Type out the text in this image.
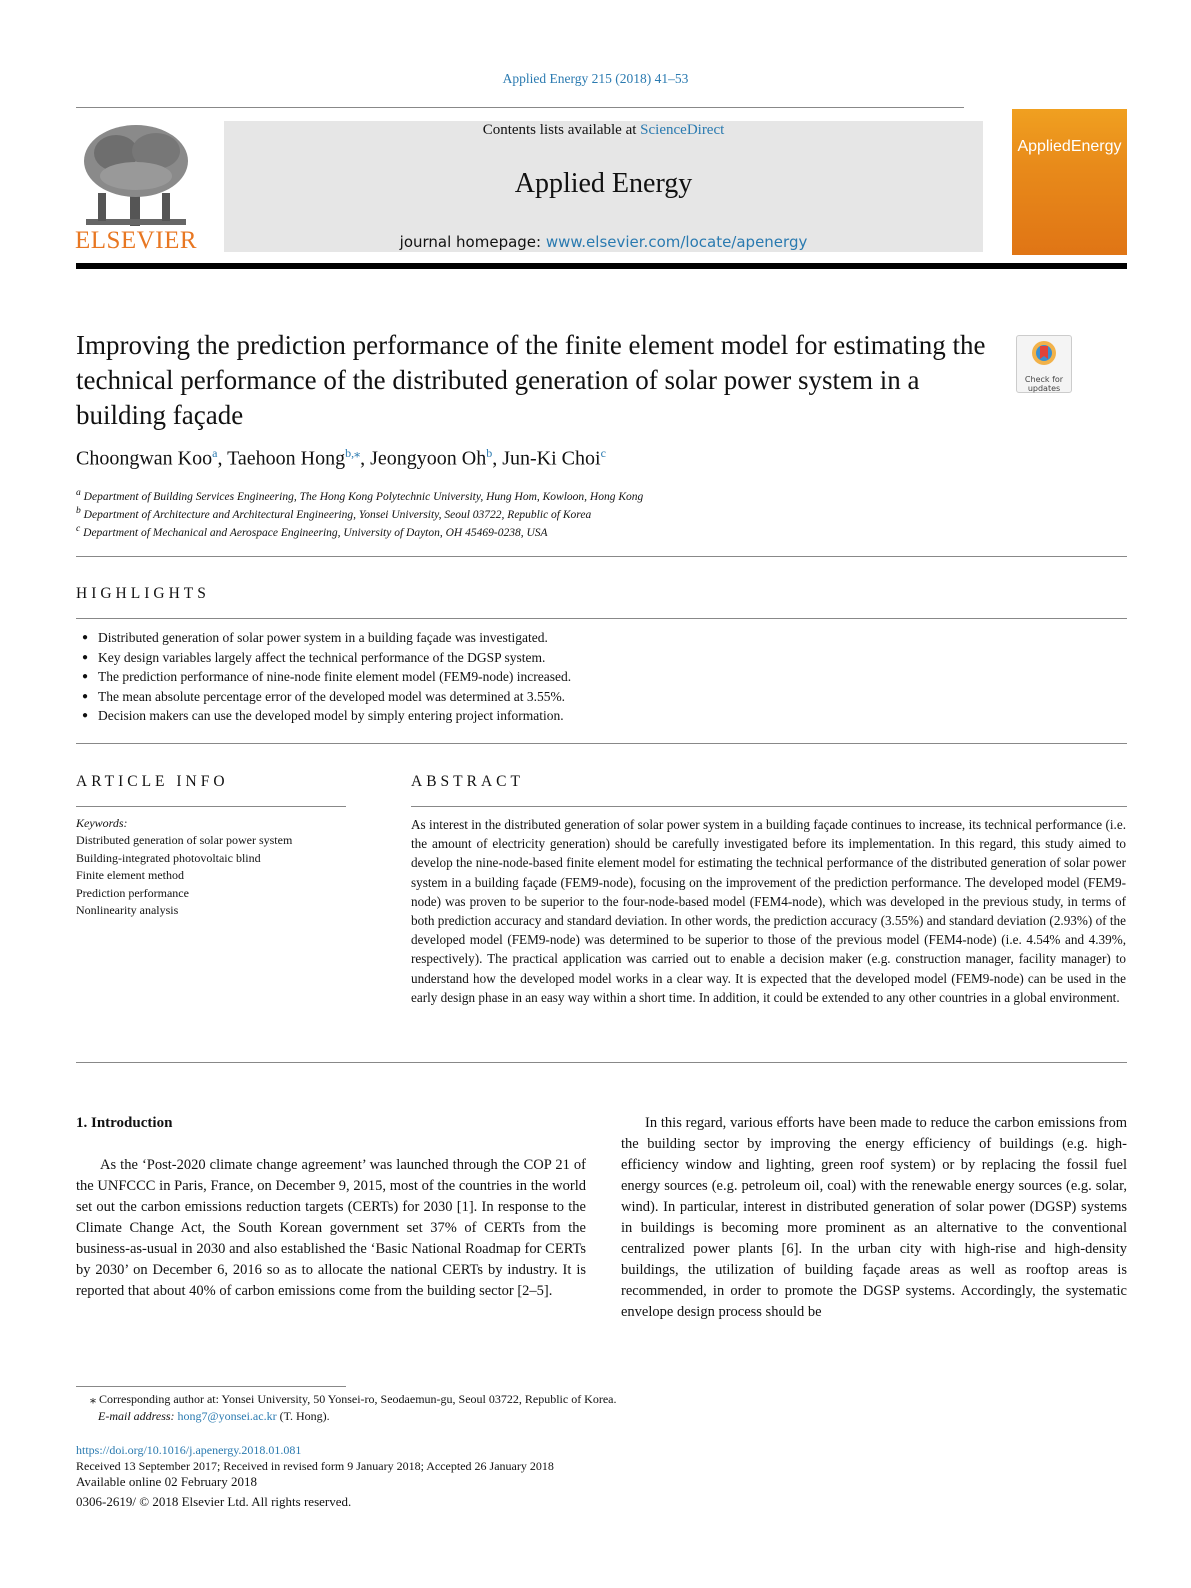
Applied Energy 215 (2018) 41–53
ELSEVIER
Contents lists available at ScienceDirect
Applied Energy
journal homepage: www.elsevier.com/locate/apenergy
AppliedEnergy
Improving the prediction performance of the finite element model for estimating the technical performance of the distributed generation of solar power system in a building façade
Check for updates
Choongwan Koo$^a$, Taehoon Hong$^{b,⁎}$, Jeongyoon Oh$^b$, Jun-Ki Choi$^c$
$^a$ Department of Building Services Engineering, The Hong Kong Polytechnic University, Hung Hom, Kowloon, Hong Kong
$^b$ Department of Architecture and Architectural Engineering, Yonsei University, Seoul 03722, Republic of Korea
$^c$ Department of Mechanical and Aerospace Engineering, University of Dayton, OH 45469-0238, USA
HIGHLIGHTS
● Distributed generation of solar power system in a building façade was investigated.
● Key design variables largely affect the technical performance of the DGSP system.
● The prediction performance of nine-node finite element model (FEM9-node) increased.
● The mean absolute percentage error of the developed model was determined at 3.55%.
● Decision makers can use the developed model by simply entering project information.
ARTICLE INFO	ABSTRACT
Keywords:
Distributed generation of solar power system
Building-integrated photovoltaic blind
Finite element method
Prediction performance
Nonlinearity analysis
As interest in the distributed generation of solar power system in a building façade continues to increase, its technical performance (i.e. the amount of electricity generation) should be carefully investigated before its implementation. In this regard, this study aimed to develop the nine-node-based finite element model for estimating the technical performance of the distributed generation of solar power system in a building façade (FEM9-node), focusing on the improvement of the prediction performance. The developed model (FEM9-node) was proven to be superior to the four-node-based model (FEM4-node), which was developed in the previous study, in terms of both prediction accuracy and standard deviation. In other words, the prediction accuracy (3.55%) and standard deviation (2.93%) of the developed model (FEM9-node) was determined to be superior to those of the previous model (FEM4-node) (i.e. 4.54% and 4.39%, respectively). The practical application was carried out to enable a decision maker (e.g. construction manager, facility manager) to understand how the developed model works in a clear way. It is expected that the developed model (FEM9-node) can be used in the early design phase in an easy way within a short time. In addition, it could be extended to any other countries in a global environment.
1. Introduction
As the ‘Post-2020 climate change agreement’ was launched through the COP 21 of the UNFCCC in Paris, France, on December 9, 2015, most of the countries in the world set out the carbon emissions reduction targets (CERTs) for 2030 [1]. In response to the Climate Change Act, the South Korean government set 37% of CERTs from the business-as-usual in 2030 and also established the ‘Basic National Roadmap for CERTs by 2030’ on December 6, 2016 so as to allocate the national CERTs by industry. It is reported that about 40% of carbon emissions come from the building sector [2–5].
In this regard, various efforts have been made to reduce the carbon emissions from the building sector by improving the energy efficiency of buildings (e.g. high-efficiency window and lighting, green roof system) or by replacing the fossil fuel energy sources (e.g. petroleum oil, coal) with the renewable energy sources (e.g. solar, wind). In particular, interest in distributed generation of solar power (DGSP) systems in buildings is becoming more prominent as an alternative to the conventional centralized power plants [6]. In the urban city with high-rise and high-density buildings, the utilization of building façade areas as well as rooftop areas is recommended, in order to promote the DGSP systems. Accordingly, the systematic envelope design process should be
⁎ Corresponding author at: Yonsei University, 50 Yonsei-ro, Seodaemun-gu, Seoul 03722, Republic of Korea.
E-mail address: hong7@yonsei.ac.kr (T. Hong).
https://doi.org/10.1016/j.apenergy.2018.01.081
Received 13 September 2017; Received in revised form 9 January 2018; Accepted 26 January 2018
Available online 02 February 2018
0306-2619/ © 2018 Elsevier Ltd. All rights reserved.
